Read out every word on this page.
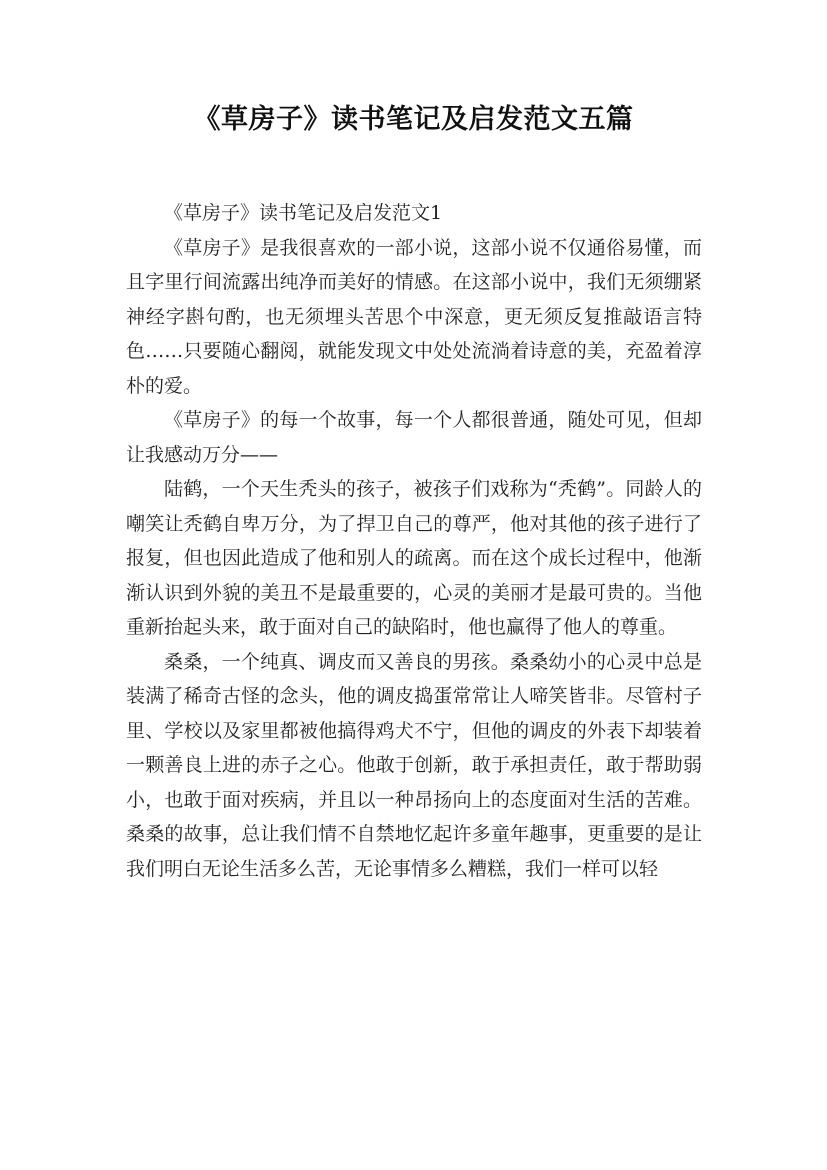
《草房子》读书笔记及启发范文五篇

《草房子》读书笔记及启发范文1

《草房子》是我很喜欢的一部小说，这部小说不仅通俗易懂，而且字里行间流露出纯净而美好的情感。在这部小说中，我们无须绷紧神经字斟句酌，也无须埋头苦思个中深意，更无须反复推敲语言特色……只要随心翻阅，就能发现文中处处流淌着诗意的美，充盈着淳朴的爱。

《草房子》的每一个故事，每一个人都很普通，随处可见，但却让我感动万分——

陆鹤，一个天生秃头的孩子，被孩子们戏称为“秃鹤”。同龄人的嘲笑让秃鹤自卑万分，为了捍卫自己的尊严，他对其他的孩子进行了报复，但也因此造成了他和别人的疏离。而在这个成长过程中，他渐渐认识到外貌的美丑不是最重要的，心灵的美丽才是最可贵的。当他重新抬起头来，敢于面对自己的缺陷时，他也赢得了他人的尊重。

桑桑，一个纯真、调皮而又善良的男孩。桑桑幼小的心灵中总是装满了稀奇古怪的念头，他的调皮捣蛋常常让人啼笑皆非。尽管村子里、学校以及家里都被他搞得鸡犬不宁，但他的调皮的外表下却装着一颗善良上进的赤子之心。他敢于创新，敢于承担责任，敢于帮助弱小，也敢于面对疾病，并且以一种昂扬向上的态度面对生活的苦难。桑桑的故事，总让我们情不自禁地忆起许多童年趣事，更重要的是让我们明白无论生活多么苦，无论事情多么糟糕，我们一样可以轻
